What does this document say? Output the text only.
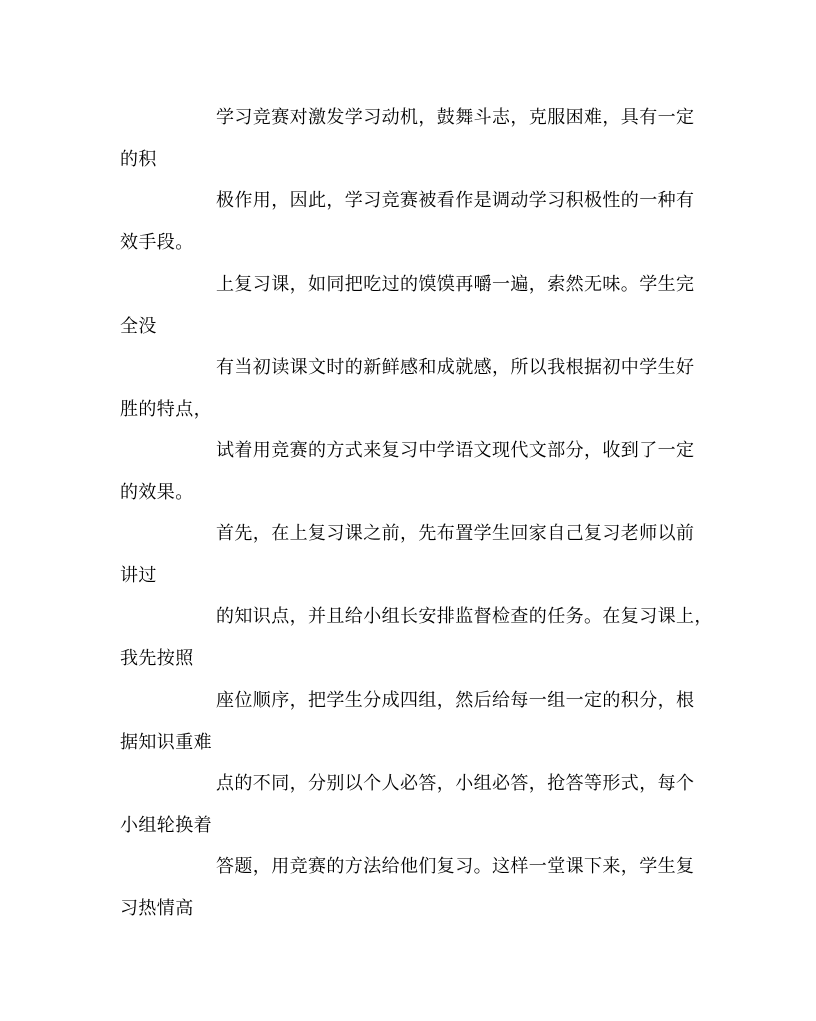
学习竞赛对激发学习动机，鼓舞斗志，克服困难，具有一定
的积
极作用，因此，学习竞赛被看作是调动学习积极性的一种有
效手段。
上复习课，如同把吃过的馍馍再嚼一遍，索然无味。学生完
全没
有当初读课文时的新鲜感和成就感，所以我根据初中学生好
胜的特点，
试着用竞赛的方式来复习中学语文现代文部分，收到了一定
的效果。
首先，在上复习课之前，先布置学生回家自己复习老师以前
讲过
的知识点，并且给小组长安排监督检查的任务。在复习课上，
我先按照
座位顺序，把学生分成四组，然后给每一组一定的积分，根
据知识重难
点的不同，分别以个人必答，小组必答，抢答等形式，每个
小组轮换着
答题，用竞赛的方法给他们复习。这样一堂课下来，学生复
习热情高
